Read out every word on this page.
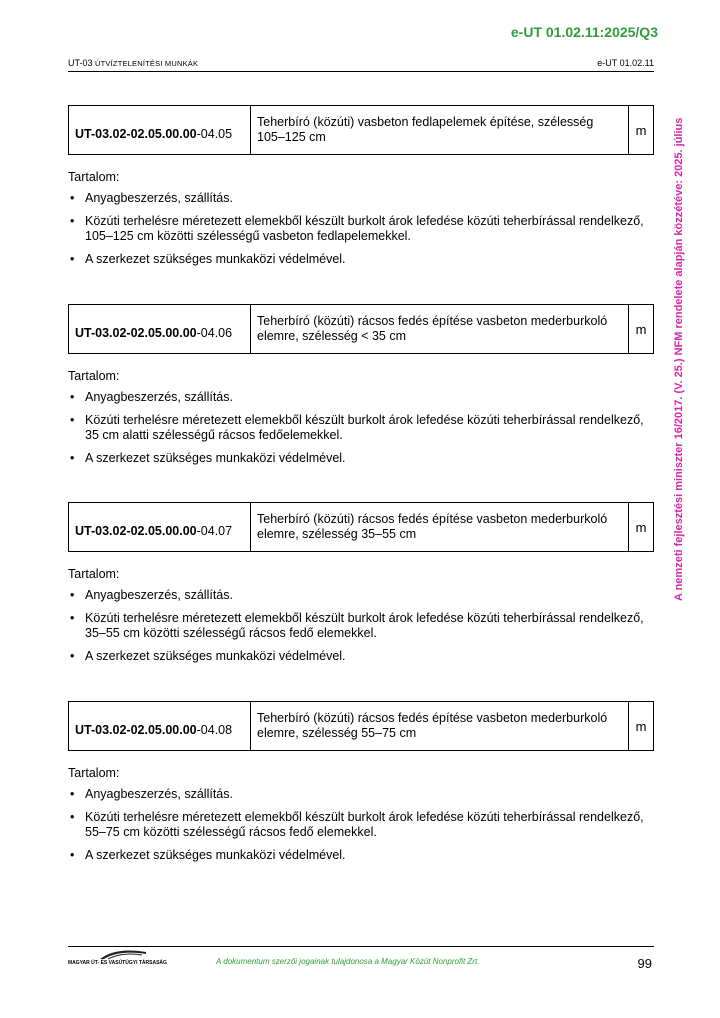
e-UT 01.02.11:2025/Q3
UT-03 ÚTVÍZTELENÍTÉSI MUNKÁK	e-UT 01.02.11
A nemzeti fejlesztési miniszter 16/2017. (V. 25.) NFM rendelete alapján közzétéve: 2025. július
UT-03.02-02.05.00.00 -04.05
Teherbíró (közúti) vasbeton fedlapelemek építése, szélesség 105–125 cm	m
Tartalom:
• Anyagbeszerzés, szállítás.
• Közúti terhelésre méretezett elemekből készült burkolt árok lefedése közúti teherbírással rendelkező, 105–125 cm közötti szélességű vasbeton fedlapelemekkel.
• A szerkezet szükséges munkaközi védelmével.
UT-03.02-02.05.00.00 -04.06
Teherbíró (közúti) rácsos fedés építése vasbeton mederburkoló elemre, szélesség < 35 cm	m
Tartalom:
• Anyagbeszerzés, szállítás.
• Közúti terhelésre méretezett elemekből készült burkolt árok lefedése közúti teherbírással rendelkező, 35 cm alatti szélességű rácsos fedőelemekkel.
• A szerkezet szükséges munkaközi védelmével.
UT-03.02-02.05.00.00 -04.07
Teherbíró (közúti) rácsos fedés építése vasbeton mederburkoló elemre, szélesség 35–55 cm	m
Tartalom:
• Anyagbeszerzés, szállítás.
• Közúti terhelésre méretezett elemekből készült burkolt árok lefedése közúti teherbírással rendelkező, 35–55 cm közötti szélességű rácsos fedő elemekkel.
• A szerkezet szükséges munkaközi védelmével.
UT-03.02-02.05.00.00 -04.08
Teherbíró (közúti) rácsos fedés építése vasbeton mederburkoló elemre, szélesség 55–75 cm	m
Tartalom:
• Anyagbeszerzés, szállítás.
• Közúti terhelésre méretezett elemekből készült burkolt árok lefedése közúti teherbírással rendelkező, 55–75 cm közötti szélességű rácsos fedő elemekkel.
• A szerkezet szükséges munkaközi védelmével.
MAGYAR ÚT- ÉS VASÚTÜGYI TÁRSASÁG	A dokumentum szerzői jogainak tulajdonosa a Magyar Közút Nonprofit Zrt.	99
